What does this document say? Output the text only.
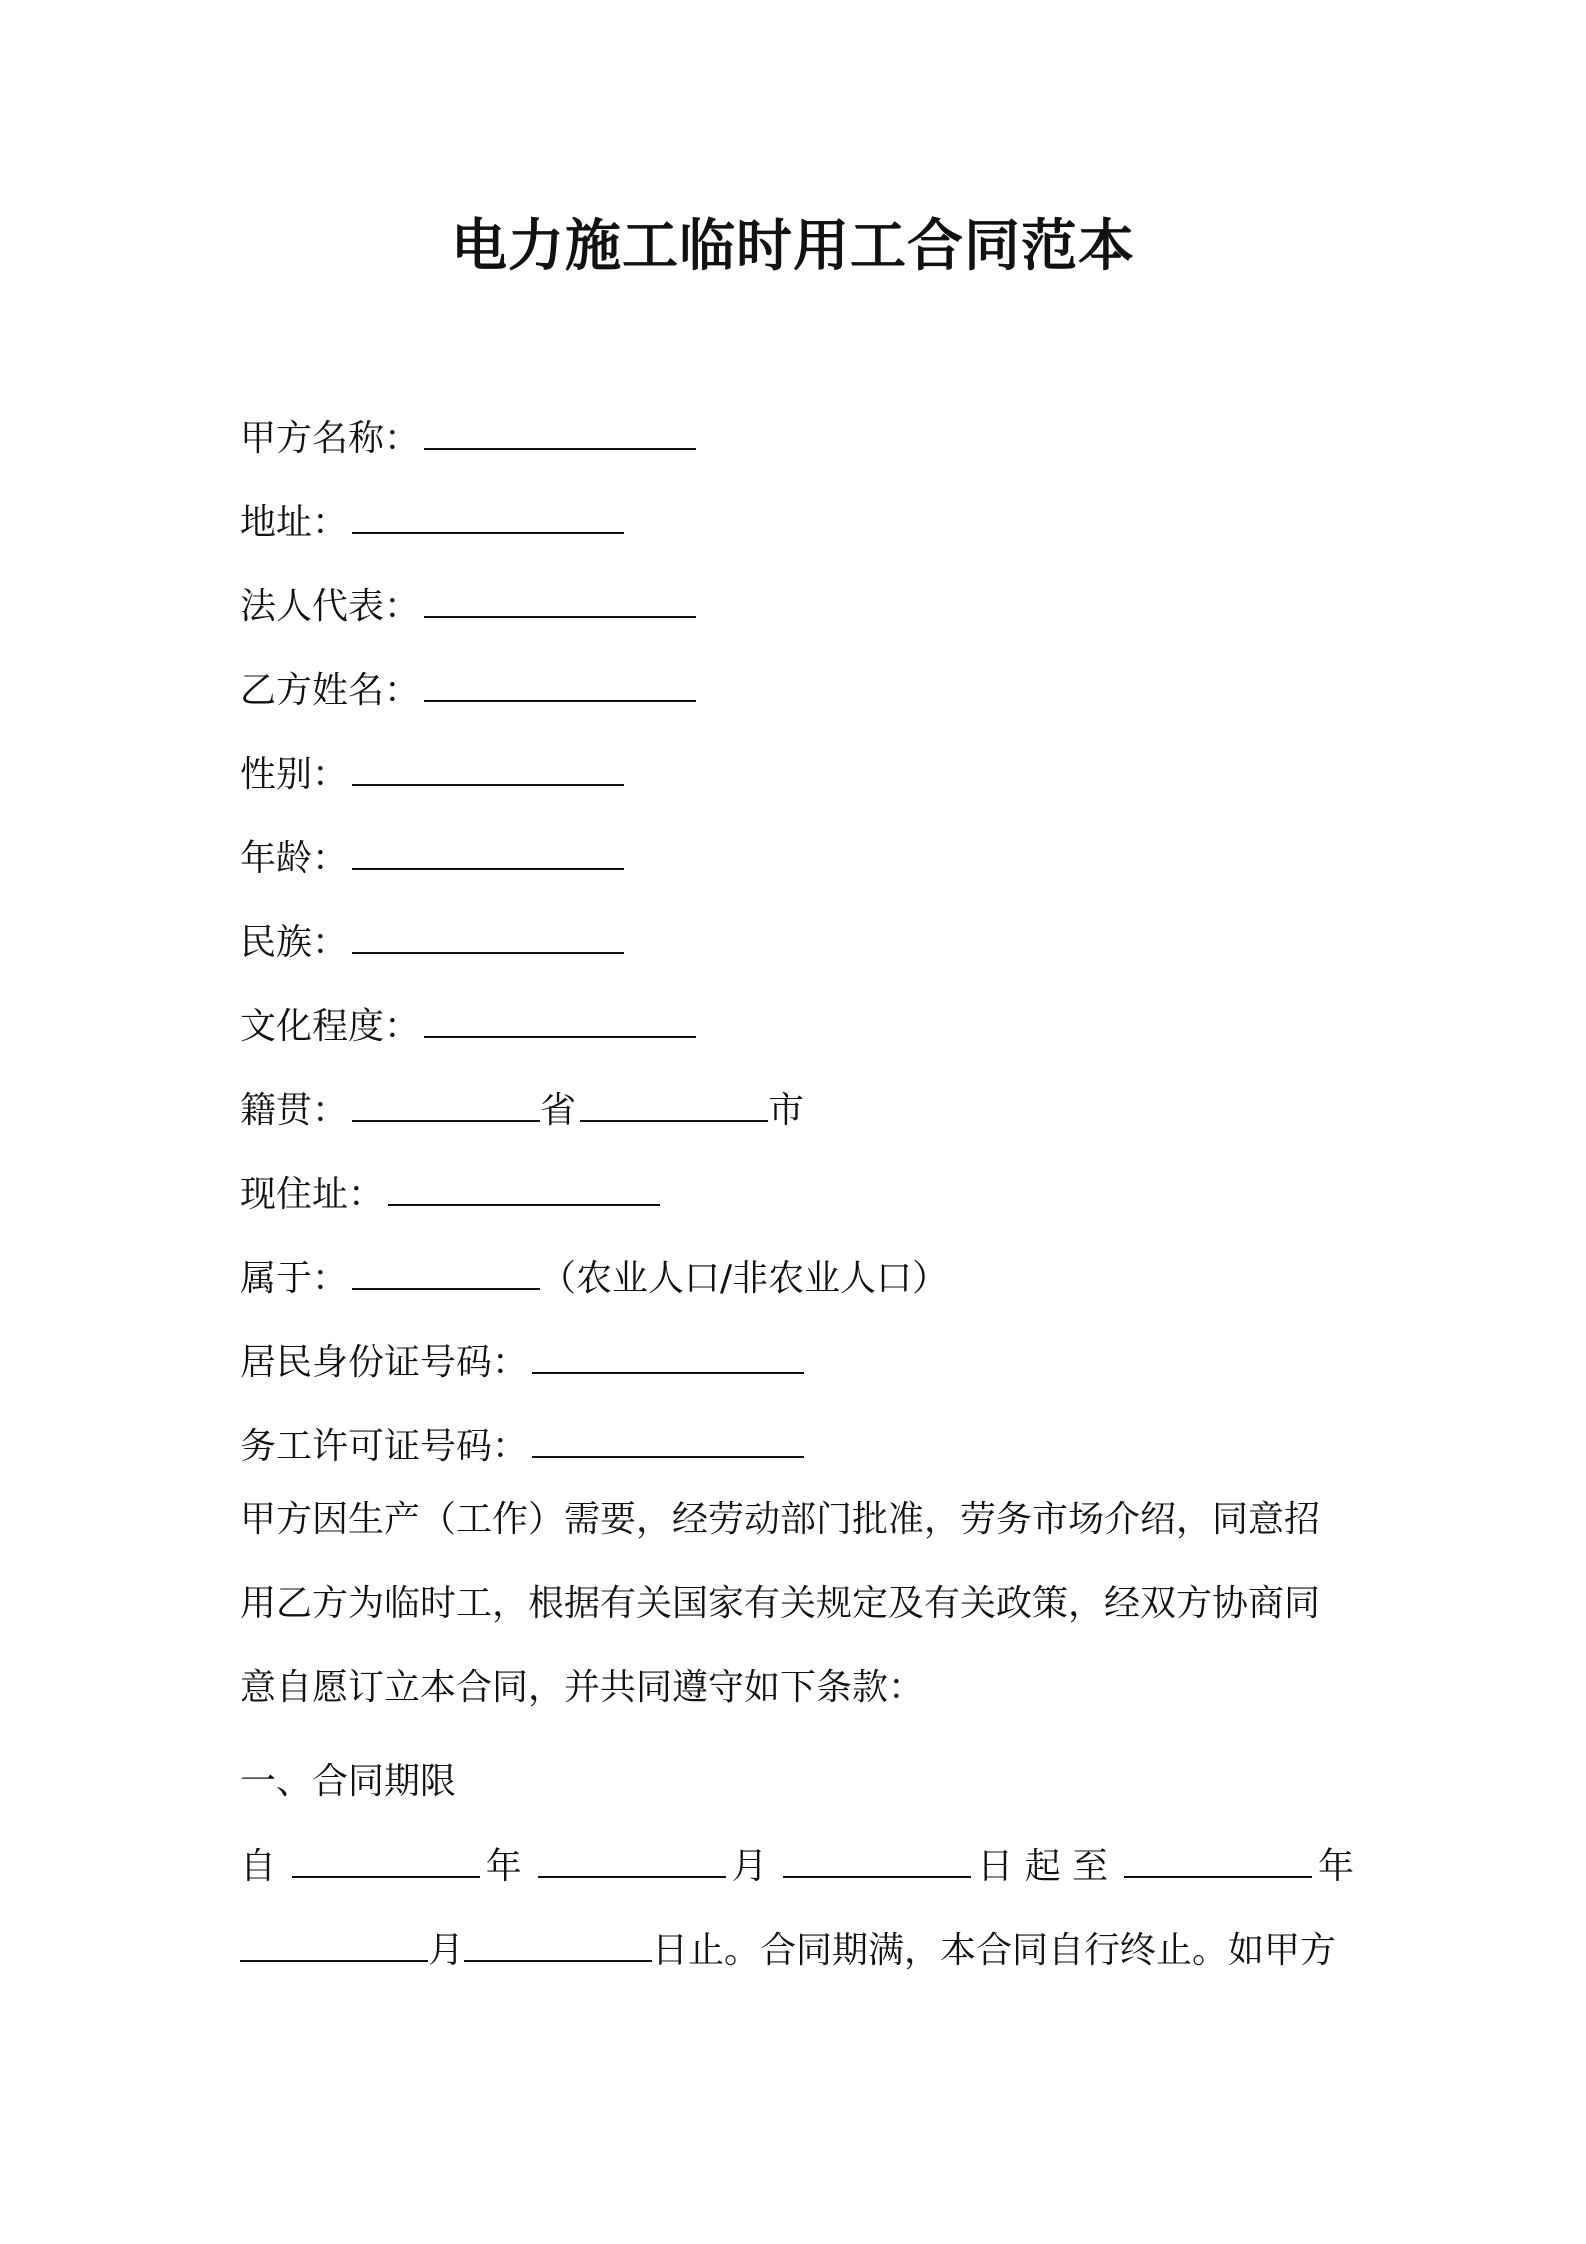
电力施工临时用工合同范本
甲方名称：
地址：
法人代表：
乙方姓名：
性别：
年龄：
民族：
文化程度：
籍贯：	省	市
现住址：
属于：	（农业人口/非农业人口）
居民身份证号码：
务工许可证号码：
甲方因生产（工作）需要，经劳动部门批准，劳务市场介绍，同意招
用乙方为临时工，根据有关国家有关规定及有关政策，经双方协商同
意自愿订立本合同，并共同遵守如下条款：
一、合同期限
自	年	月	日 起 至	年
月	日止。合同期满，本合同自行终止。如甲方
